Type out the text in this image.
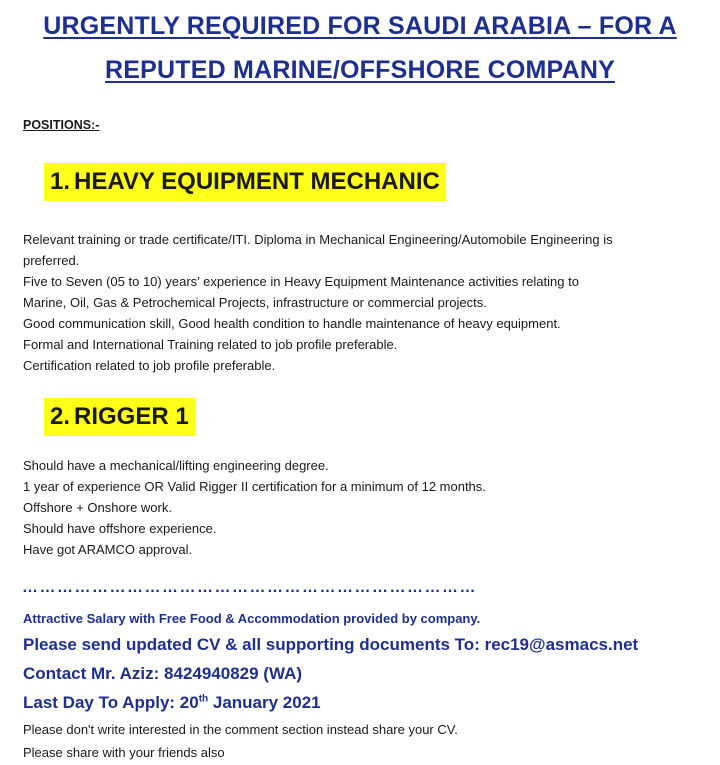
URGENTLY REQUIRED FOR SAUDI ARABIA – FOR A
REPUTED MARINE/OFFSHORE COMPANY
POSITIONS:-
1. HEAVY EQUIPMENT MECHANIC
Relevant training or trade certificate/ITI. Diploma in Mechanical Engineering/Automobile Engineering is
preferred.
Five to Seven (05 to 10) years’ experience in Heavy Equipment Maintenance activities relating to
Marine, Oil, Gas & Petrochemical Projects, infrastructure or commercial projects.
Good communication skill, Good health condition to handle maintenance of heavy equipment.
Formal and International Training related to job profile preferable.
Certification related to job profile preferable.
2. RIGGER 1
Should have a mechanical/lifting engineering degree.
1 year of experience OR Valid Rigger II certification for a minimum of 12 months.
Offshore + Onshore work.
Should have offshore experience.
Have got ARAMCO approval.
……………………………………………………………………
Attractive Salary with Free Food & Accommodation provided by company.
Please send updated CV & all supporting documents To: rec19@asmacs.net
Contact Mr. Aziz: 8424940829 (WA)
Last Day To Apply: 20th January 2021
Please don't write interested in the comment section instead share your CV.
Please share with your friends also
